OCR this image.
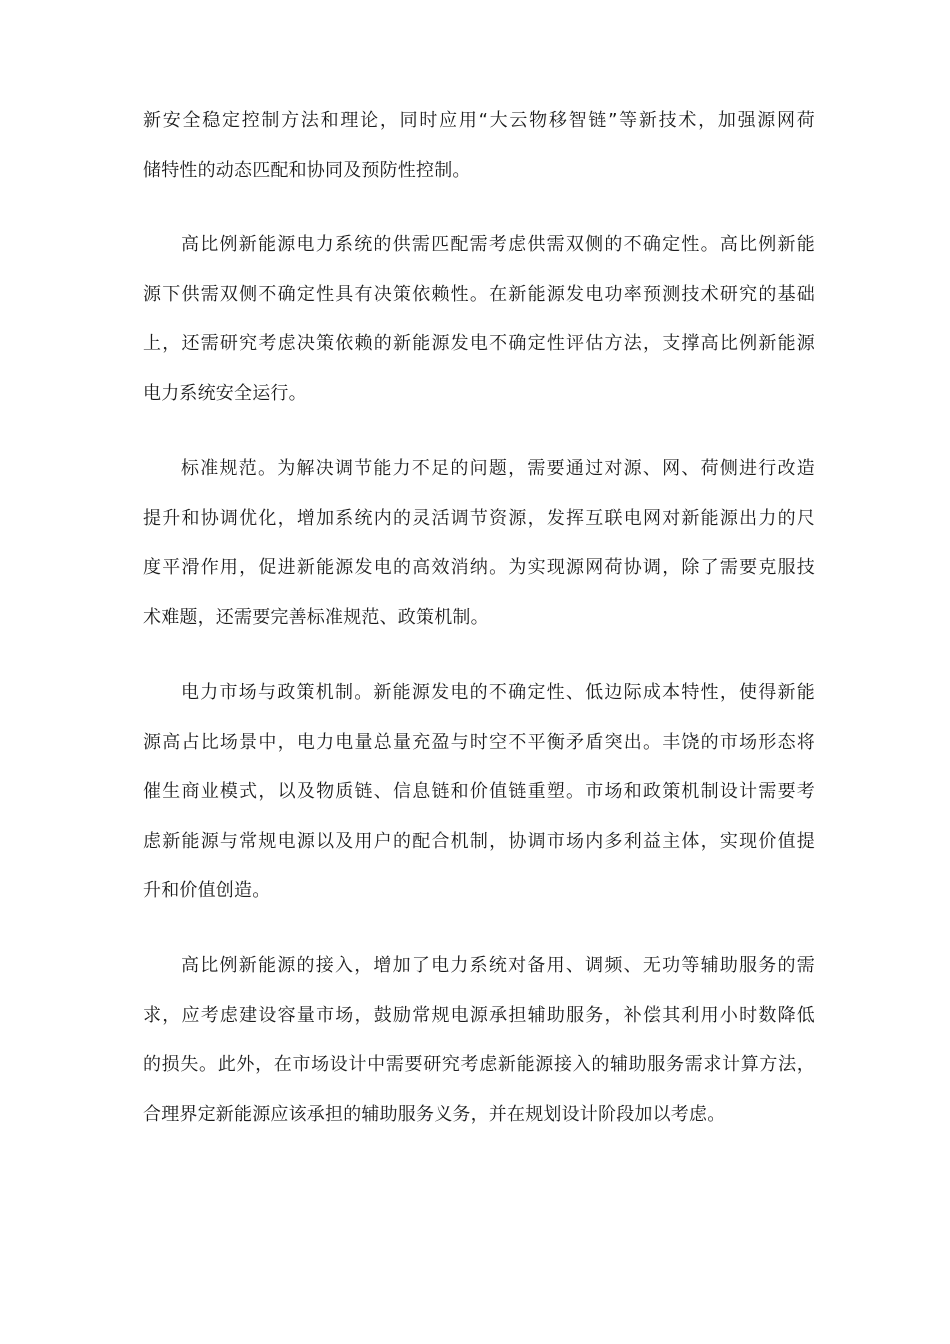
新安全稳定控制方法和理论，同时应用“大云物移智链”等新技术，加强源网荷
储特性的动态匹配和协同及预防性控制。
高比例新能源电力系统的供需匹配需考虑供需双侧的不确定性。高比例新能
源下供需双侧不确定性具有决策依赖性。在新能源发电功率预测技术研究的基础
上，还需研究考虑决策依赖的新能源发电不确定性评估方法，支撑高比例新能源
电力系统安全运行。
标准规范。为解决调节能力不足的问题，需要通过对源、网、荷侧进行改造
提升和协调优化，增加系统内的灵活调节资源，发挥互联电网对新能源出力的尺
度平滑作用，促进新能源发电的高效消纳。为实现源网荷协调，除了需要克服技
术难题，还需要完善标准规范、政策机制。
电力市场与政策机制。新能源发电的不确定性、低边际成本特性，使得新能
源高占比场景中，电力电量总量充盈与时空不平衡矛盾突出。丰饶的市场形态将
催生商业模式，以及物质链、信息链和价值链重塑。市场和政策机制设计需要考
虑新能源与常规电源以及用户的配合机制，协调市场内多利益主体，实现价值提
升和价值创造。
高比例新能源的接入，增加了电力系统对备用、调频、无功等辅助服务的需
求，应考虑建设容量市场，鼓励常规电源承担辅助服务，补偿其利用小时数降低
的损失。此外，在市场设计中需要研究考虑新能源接入的辅助服务需求计算方法，
合理界定新能源应该承担的辅助服务义务，并在规划设计阶段加以考虑。
